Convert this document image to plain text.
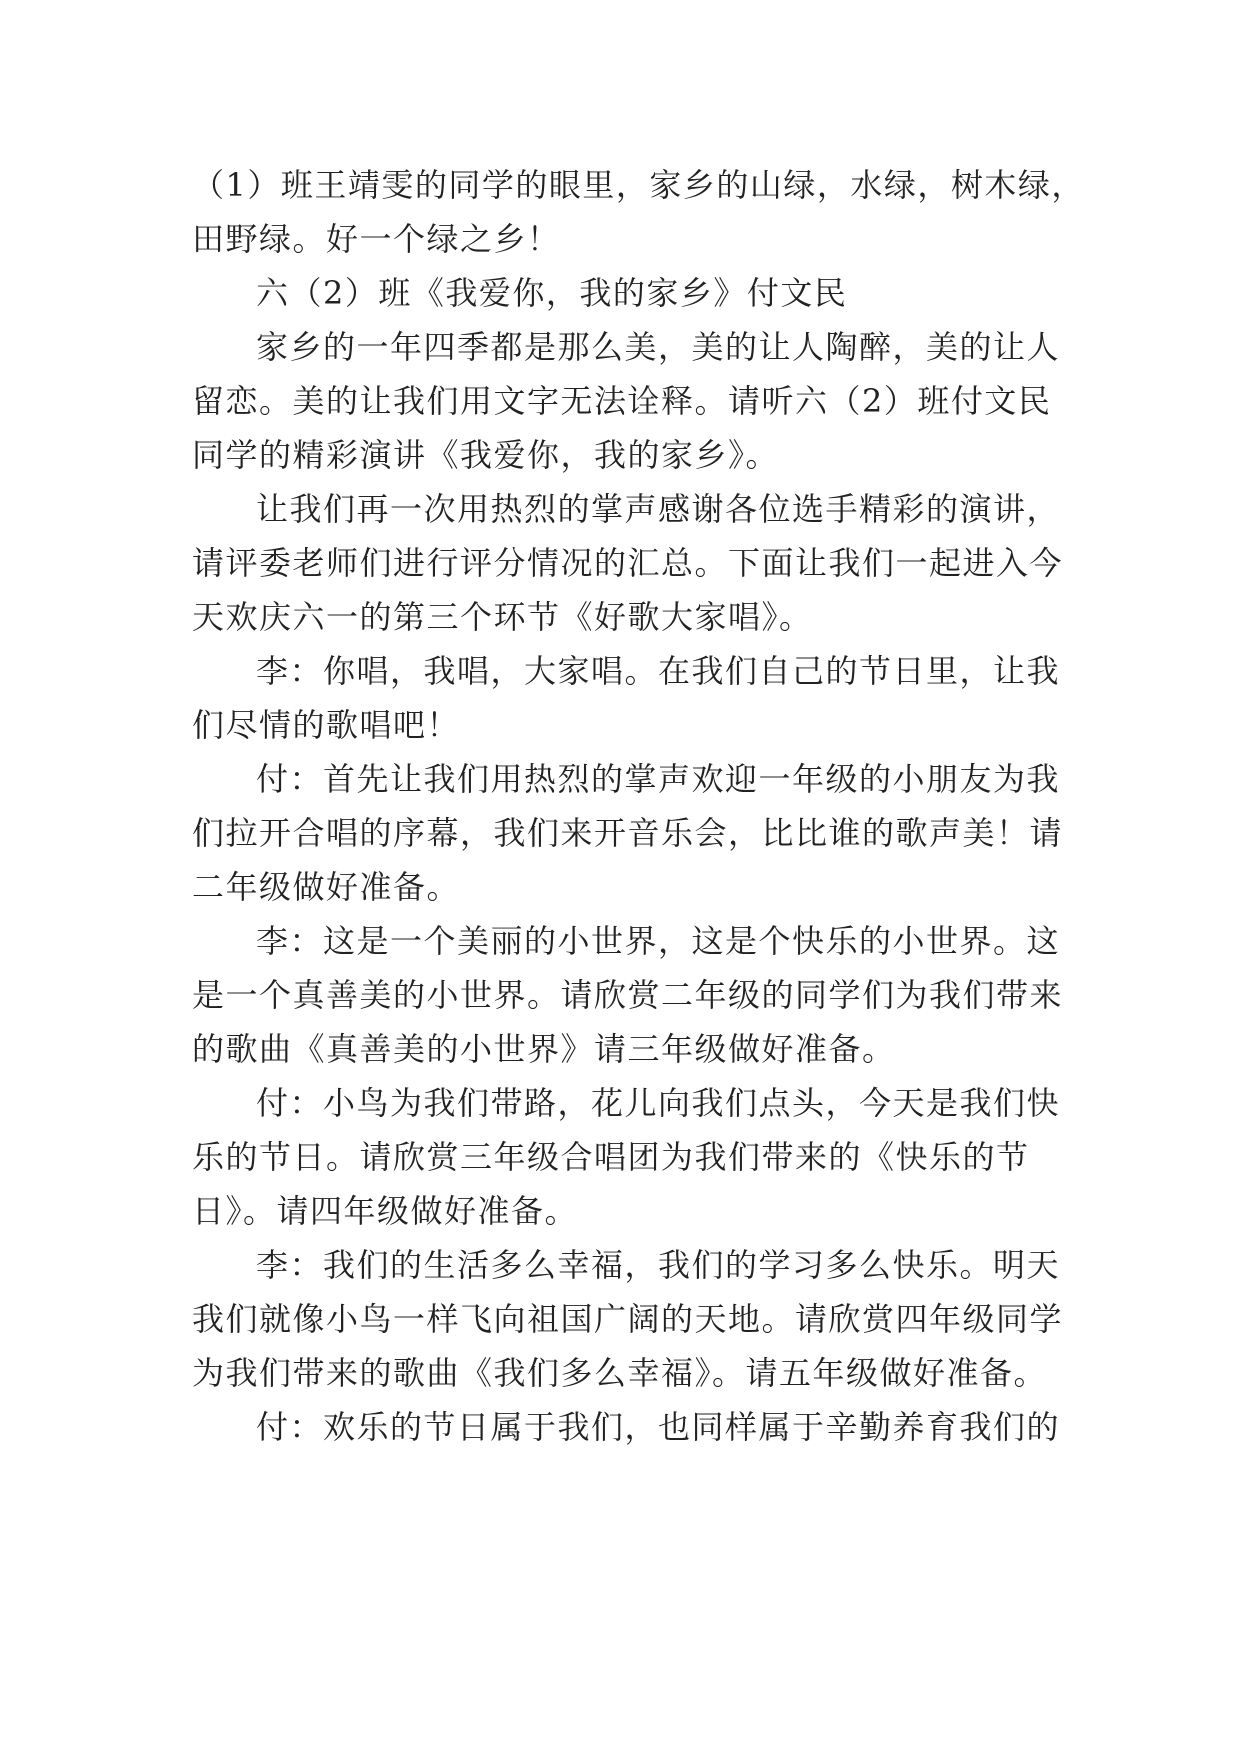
（1）班王靖雯的同学的眼里，家乡的山绿，水绿，树木绿，
田野绿。好一个绿之乡！
六（2）班《我爱你，我的家乡》付文民
家乡的一年四季都是那么美，美的让人陶醉，美的让人
留恋。美的让我们用文字无法诠释。请听六（2）班付文民
同学的精彩演讲《我爱你，我的家乡》。
让我们再一次用热烈的掌声感谢各位选手精彩的演讲，
请评委老师们进行评分情况的汇总。下面让我们一起进入今
天欢庆六一的第三个环节《好歌大家唱》。
李：你唱，我唱，大家唱。在我们自己的节日里，让我
们尽情的歌唱吧！
付：首先让我们用热烈的掌声欢迎一年级的小朋友为我
们拉开合唱的序幕，我们来开音乐会，比比谁的歌声美！请
二年级做好准备。
李：这是一个美丽的小世界，这是个快乐的小世界。这
是一个真善美的小世界。请欣赏二年级的同学们为我们带来
的歌曲《真善美的小世界》请三年级做好准备。
付：小鸟为我们带路，花儿向我们点头，今天是我们快
乐的节日。请欣赏三年级合唱团为我们带来的《快乐的节
日》。请四年级做好准备。
李：我们的生活多么幸福，我们的学习多么快乐。明天
我们就像小鸟一样飞向祖国广阔的天地。请欣赏四年级同学
为我们带来的歌曲《我们多么幸福》。请五年级做好准备。
付：欢乐的节日属于我们，也同样属于辛勤养育我们的
